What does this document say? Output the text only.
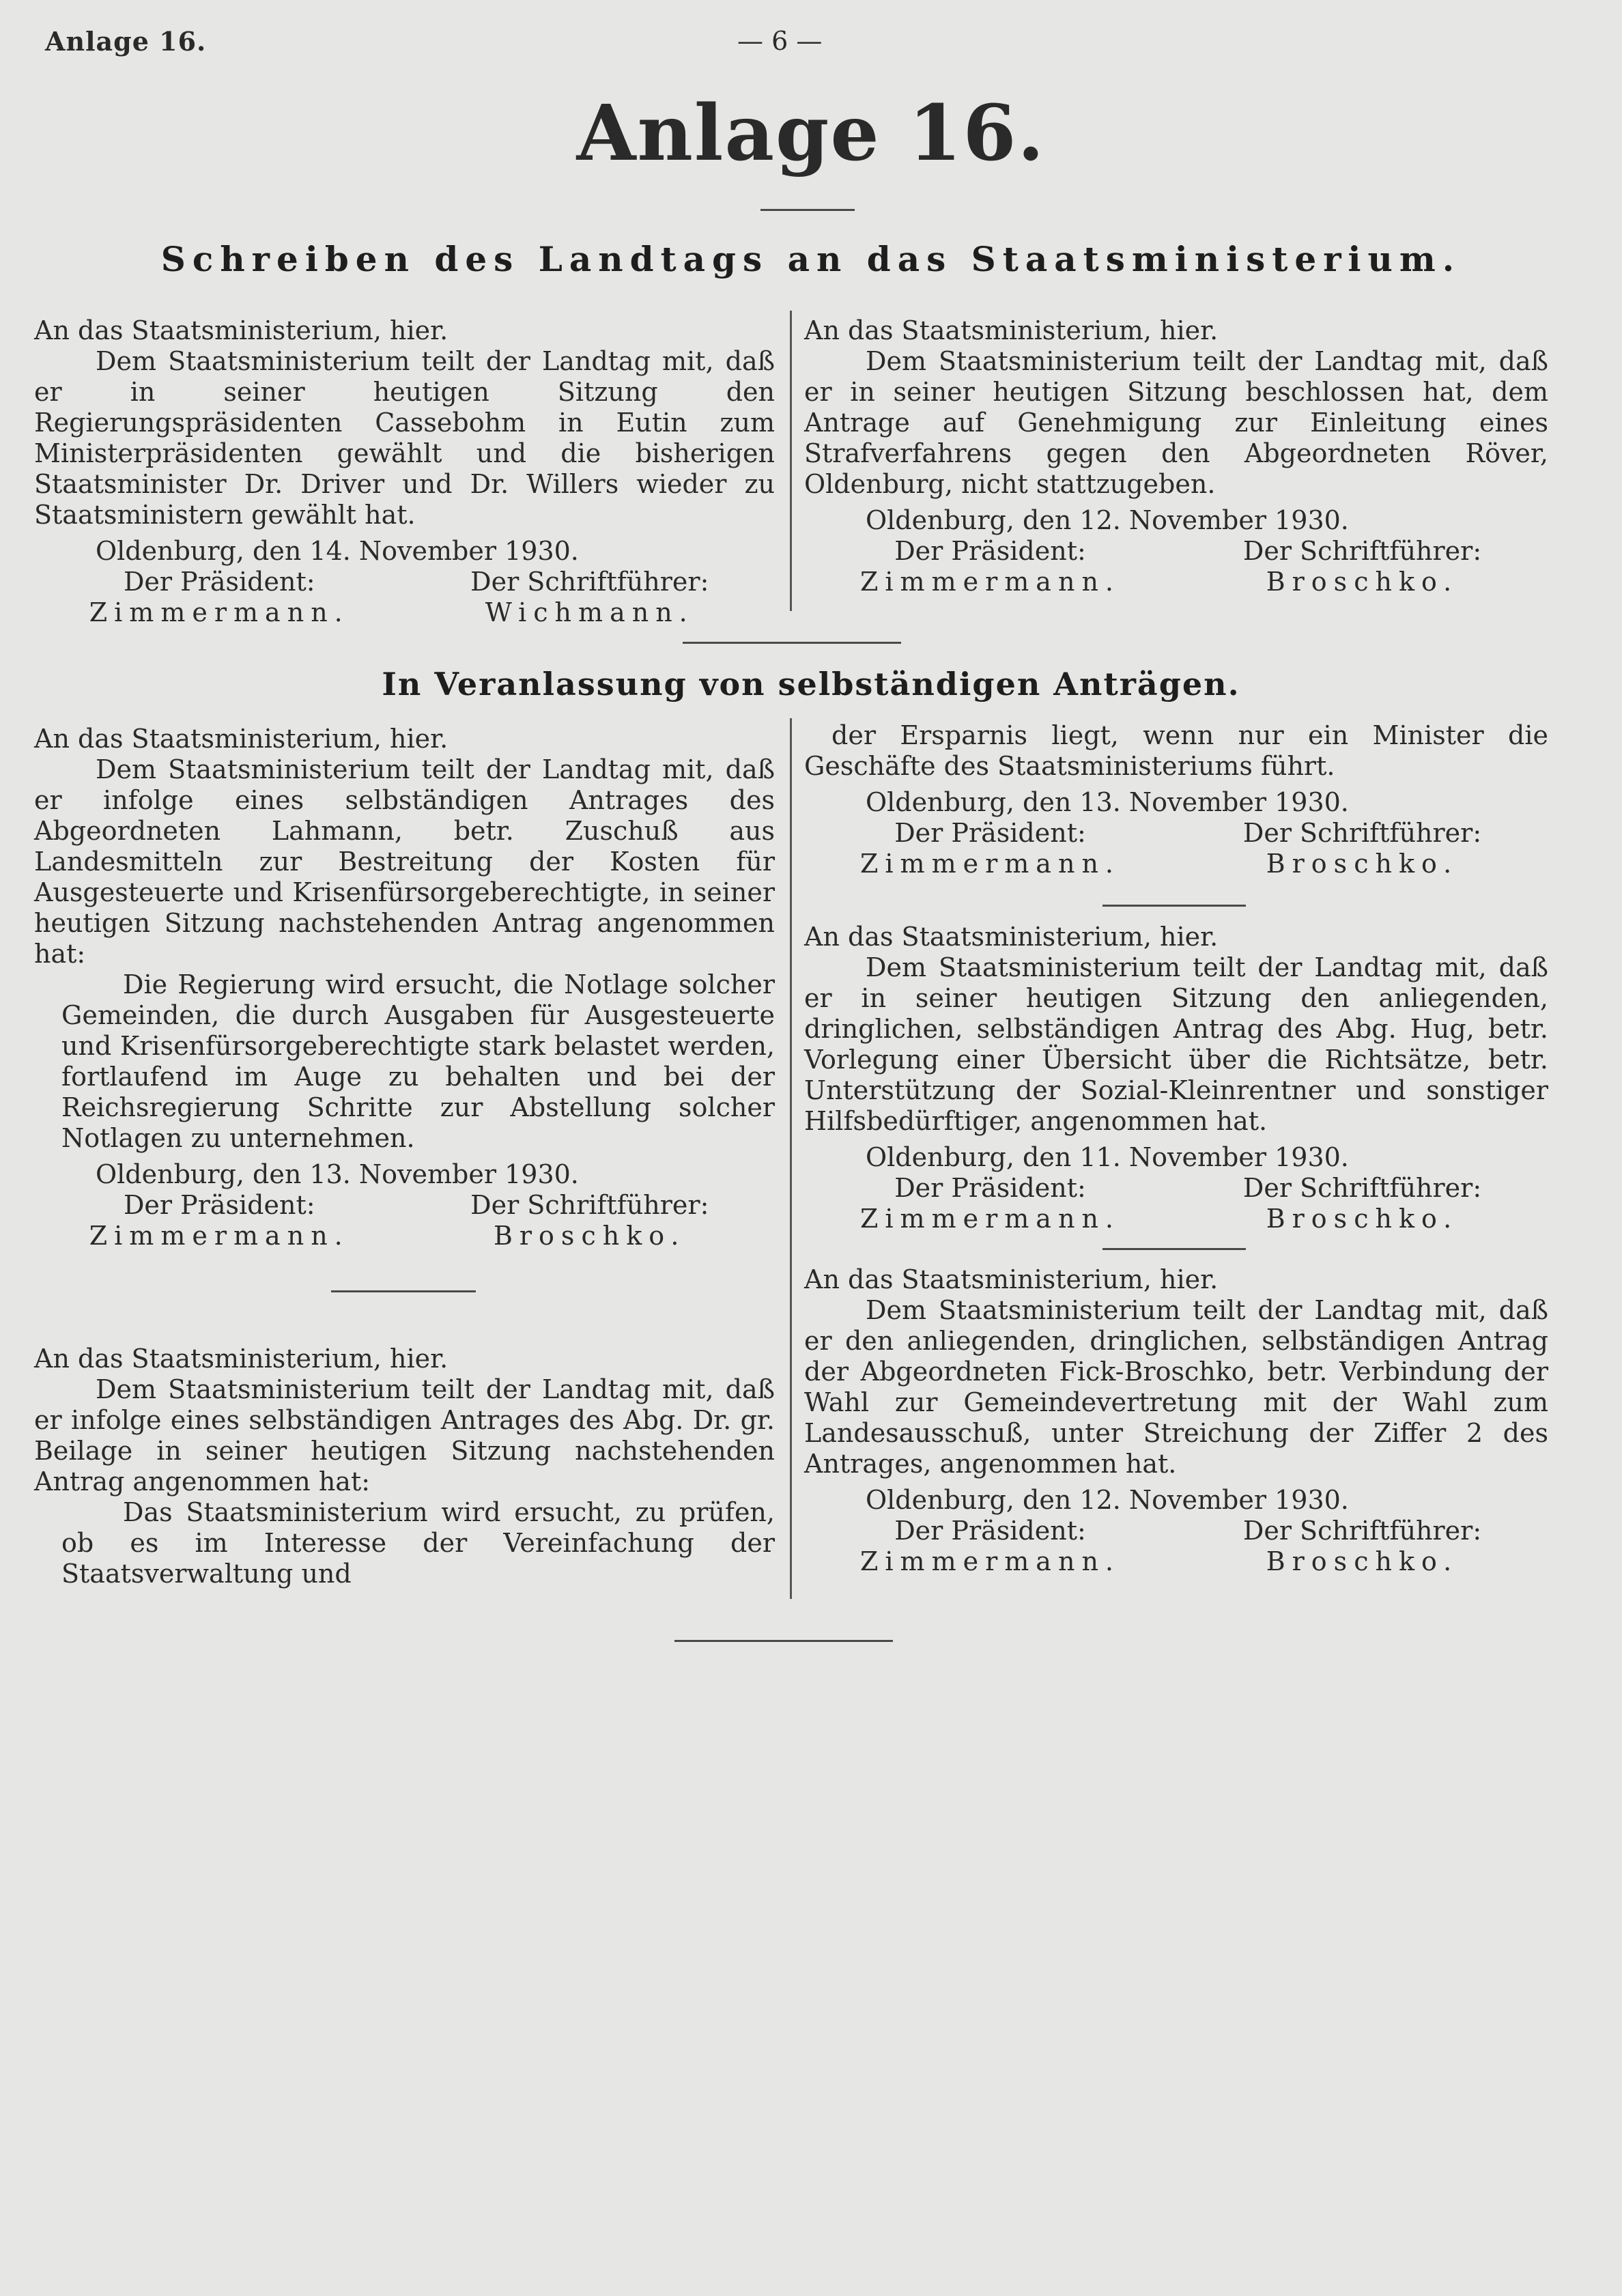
Anlage 16.	— 6 —
Anlage 16.
Schreiben des Landtags an das Staatsministerium.

An das Staatsministerium, hier.

Dem Staatsministerium teilt der Landtag mit, daß er in seiner heutigen Sitzung den Regierungspräsidenten Cassebohm in Eutin zum Ministerpräsidenten gewählt und die bisherigen Staatsminister Dr. Driver und Dr. Willers wieder zu Staatsministern gewählt hat.

Oldenburg, den 14. November 1930.

Der Präsident:	Der Schriftführer:
Zimmermann.	Wichmann.

An das Staatsministerium, hier.

Dem Staatsministerium teilt der Landtag mit, daß er in seiner heutigen Sitzung beschlossen hat, dem Antrage auf Genehmigung zur Einleitung eines Strafverfahrens gegen den Abgeordneten Röver, Oldenburg, nicht stattzugeben.

Oldenburg, den 12. November 1930.

Der Präsident:	Der Schriftführer:
Zimmermann.	Broschko.
In Veranlassung von selbständigen Anträgen.

An das Staatsministerium, hier.

Dem Staatsministerium teilt der Landtag mit, daß er infolge eines selbständigen Antrages des Abgeordneten Lahmann, betr. Zuschuß aus Landesmitteln zur Bestreitung der Kosten für Ausgesteuerte und Krisenfürsorgeberechtigte, in seiner heutigen Sitzung nachstehenden Antrag angenommen hat:

Die Regierung wird ersucht, die Notlage solcher Gemeinden, die durch Ausgaben für Ausgesteuerte und Krisenfürsorgeberechtigte stark belastet werden, fortlaufend im Auge zu behalten und bei der Reichsregierung Schritte zur Abstellung solcher Notlagen zu unternehmen.

Oldenburg, den 13. November 1930.

Der Präsident:	Der Schriftführer:
Zimmermann.	Broschko.

An das Staatsministerium, hier.

Dem Staatsministerium teilt der Landtag mit, daß er infolge eines selbständigen Antrages des Abg. Dr. gr. Beilage in seiner heutigen Sitzung nachstehenden Antrag angenommen hat:

Das Staatsministerium wird ersucht, zu prüfen, ob es im Interesse der Vereinfachung der Staatsverwaltung und

der Ersparnis liegt, wenn nur ein Minister die Geschäfte des Staatsministeriums führt.

Oldenburg, den 13. November 1930.

Der Präsident:	Der Schriftführer:
Zimmermann.	Broschko.

An das Staatsministerium, hier.

Dem Staatsministerium teilt der Landtag mit, daß er in seiner heutigen Sitzung den anliegenden, dringlichen, selbständigen Antrag des Abg. Hug, betr. Vorlegung einer Übersicht über die Richtsätze, betr. Unterstützung der Sozial-Kleinrentner und sonstiger Hilfsbedürftiger, angenommen hat.

Oldenburg, den 11. November 1930.

Der Präsident:	Der Schriftführer:
Zimmermann.	Broschko.

An das Staatsministerium, hier.

Dem Staatsministerium teilt der Landtag mit, daß er den anliegenden, dringlichen, selbständigen Antrag der Abgeordneten Fick-Broschko, betr. Verbindung der Wahl zur Gemeindevertretung mit der Wahl zum Landesausschuß, unter Streichung der Ziffer 2 des Antrages, angenommen hat.

Oldenburg, den 12. November 1930.

Der Präsident:	Der Schriftführer:
Zimmermann.	Broschko.
